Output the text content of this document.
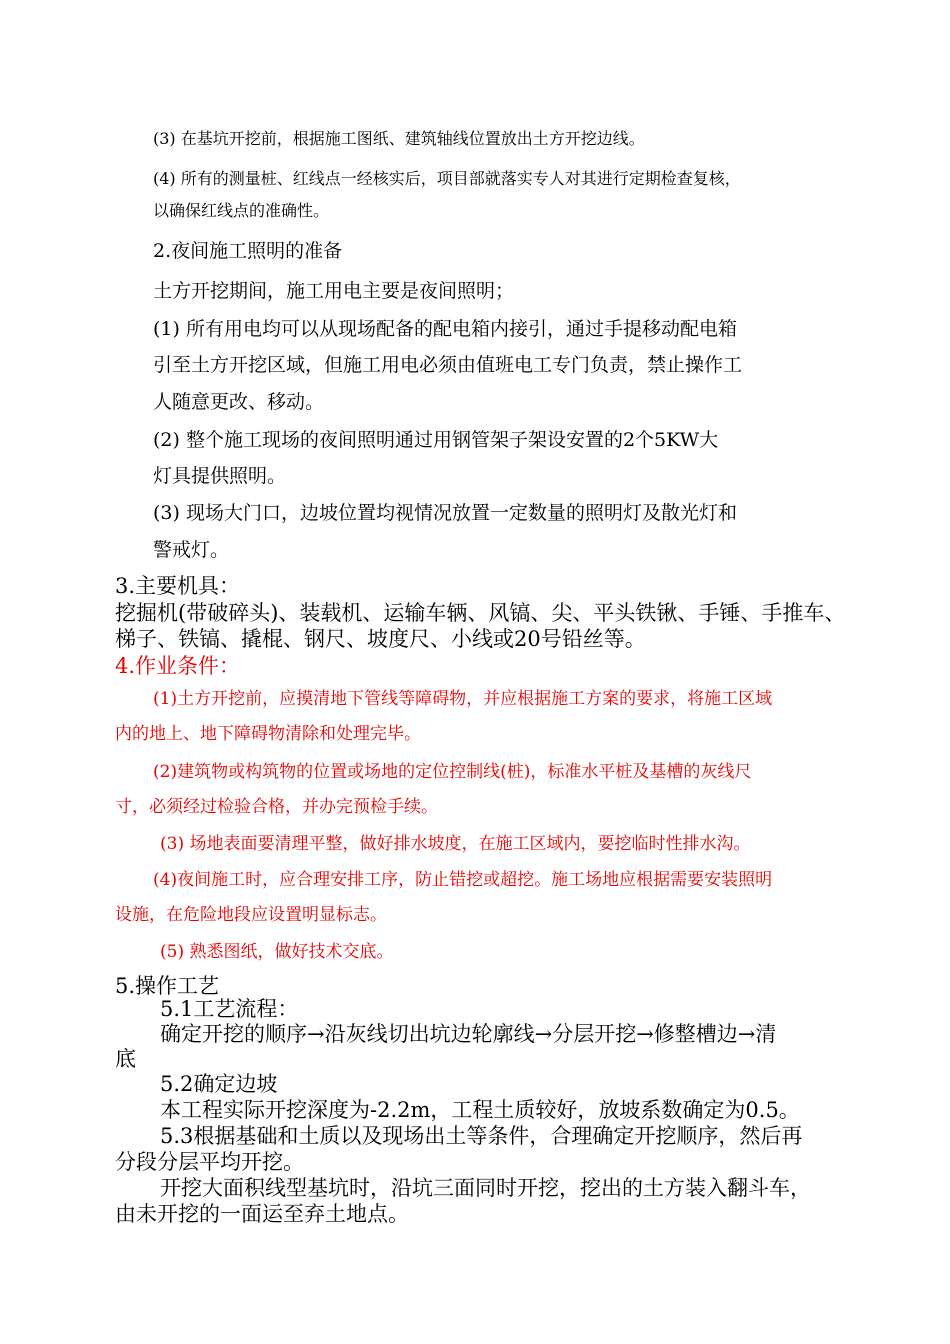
(3) 在基坑开挖前，根据施工图纸、建筑轴线位置放出土方开挖边线。

(4) 所有的测量桩、红线点一经核实后，项目部就落实专人对其进行定期检查复核，

以确保红线点的准确性。

2.夜间施工照明的准备

土方开挖期间，施工用电主要是夜间照明；

(1) 所有用电均可以从现场配备的配电箱内接引，通过手提移动配电箱

引至土方开挖区域，但施工用电必须由值班电工专门负责，禁止操作工

人随意更改、移动。

(2) 整个施工现场的夜间照明通过用钢管架子架设安置的2个5KW大

灯具提供照明。

(3) 现场大门口，边坡位置均视情况放置一定数量的照明灯及散光灯和

警戒灯。

3.主要机具：

挖掘机(带破碎头)、装载机、运输车辆、风镐、尖、平头铁锹、手锤、手推车、

梯子、铁镐、撬棍、钢尺、坡度尺、小线或20号铅丝等。

4.作业条件：

(1)土方开挖前，应摸清地下管线等障碍物，并应根据施工方案的要求，将施工区域

内的地上、地下障碍物清除和处理完毕。

(2)建筑物或构筑物的位置或场地的定位控制线(桩)，标准水平桩及基槽的灰线尺

寸，必须经过检验合格，并办完预检手续。

(3) 场地表面要清理平整，做好排水坡度，在施工区域内，要挖临时性排水沟。

(4)夜间施工时，应合理安排工序，防止错挖或超挖。施工场地应根据需要安装照明

设施，在危险地段应设置明显标志。

(5) 熟悉图纸，做好技术交底。

5.操作工艺

5.1工艺流程：

确定开挖的顺序→沿灰线切出坑边轮廓线→分层开挖→修整槽边→清

底

5.2确定边坡

本工程实际开挖深度为-2.2m，工程土质较好，放坡系数确定为0.5。

5.3根据基础和土质以及现场出土等条件，合理确定开挖顺序，然后再

分段分层平均开挖。

开挖大面积线型基坑时，沿坑三面同时开挖，挖出的土方装入翻斗车，

由未开挖的一面运至弃土地点。
